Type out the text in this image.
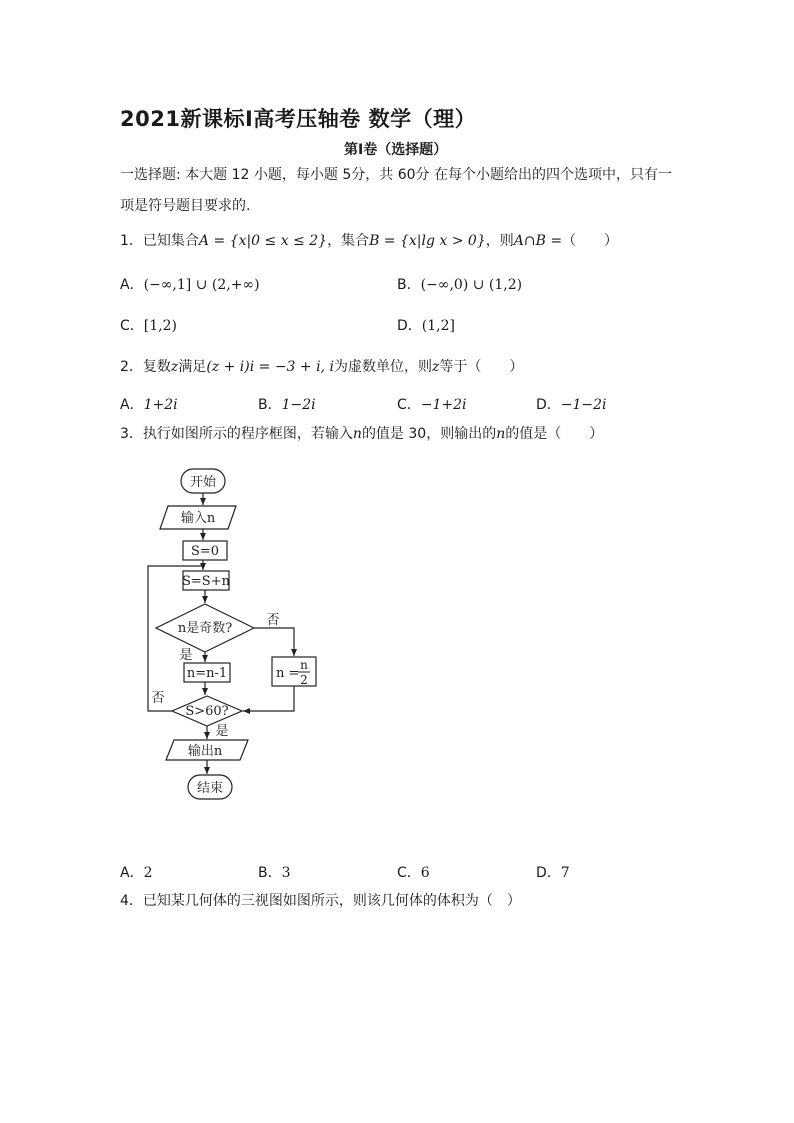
2021新课标Ⅰ高考压轴卷 数学（理）
第Ⅰ卷（选择题）
一选择题: 本大题 12 小题，每小题 5分，共 60分 在每个小题给出的四个选项中，只有一
项是符号题目要求的.
1．已知集合A = {x|0 ≤ x ≤ 2}，集合B = {x|lg x > 0}，则A∩B =（　　）
A．(−∞,1] ∪ (2,+∞)	B．(−∞,0) ∪ (1,2)
C．[1,2)	D．(1,2]
2．复数z满足(z + i)i = −3 + i, i为虚数单位，则z等于（　　）
A．1+2i	B．1−2i	C．−1+2i	D．−1−2i
3．执行如图所示的程序框图，若输入n的值是 30，则输出的n的值是（　　）
开始
输入n
S=0
S=S+n
n是奇数?
是
否
n=n-1	n =
n
2
S>60?
是
否
输出n
结束
A．2	B．3	C．6	D．7
4．已知某几何体的三视图如图所示，则该几何体的体积为（　）
